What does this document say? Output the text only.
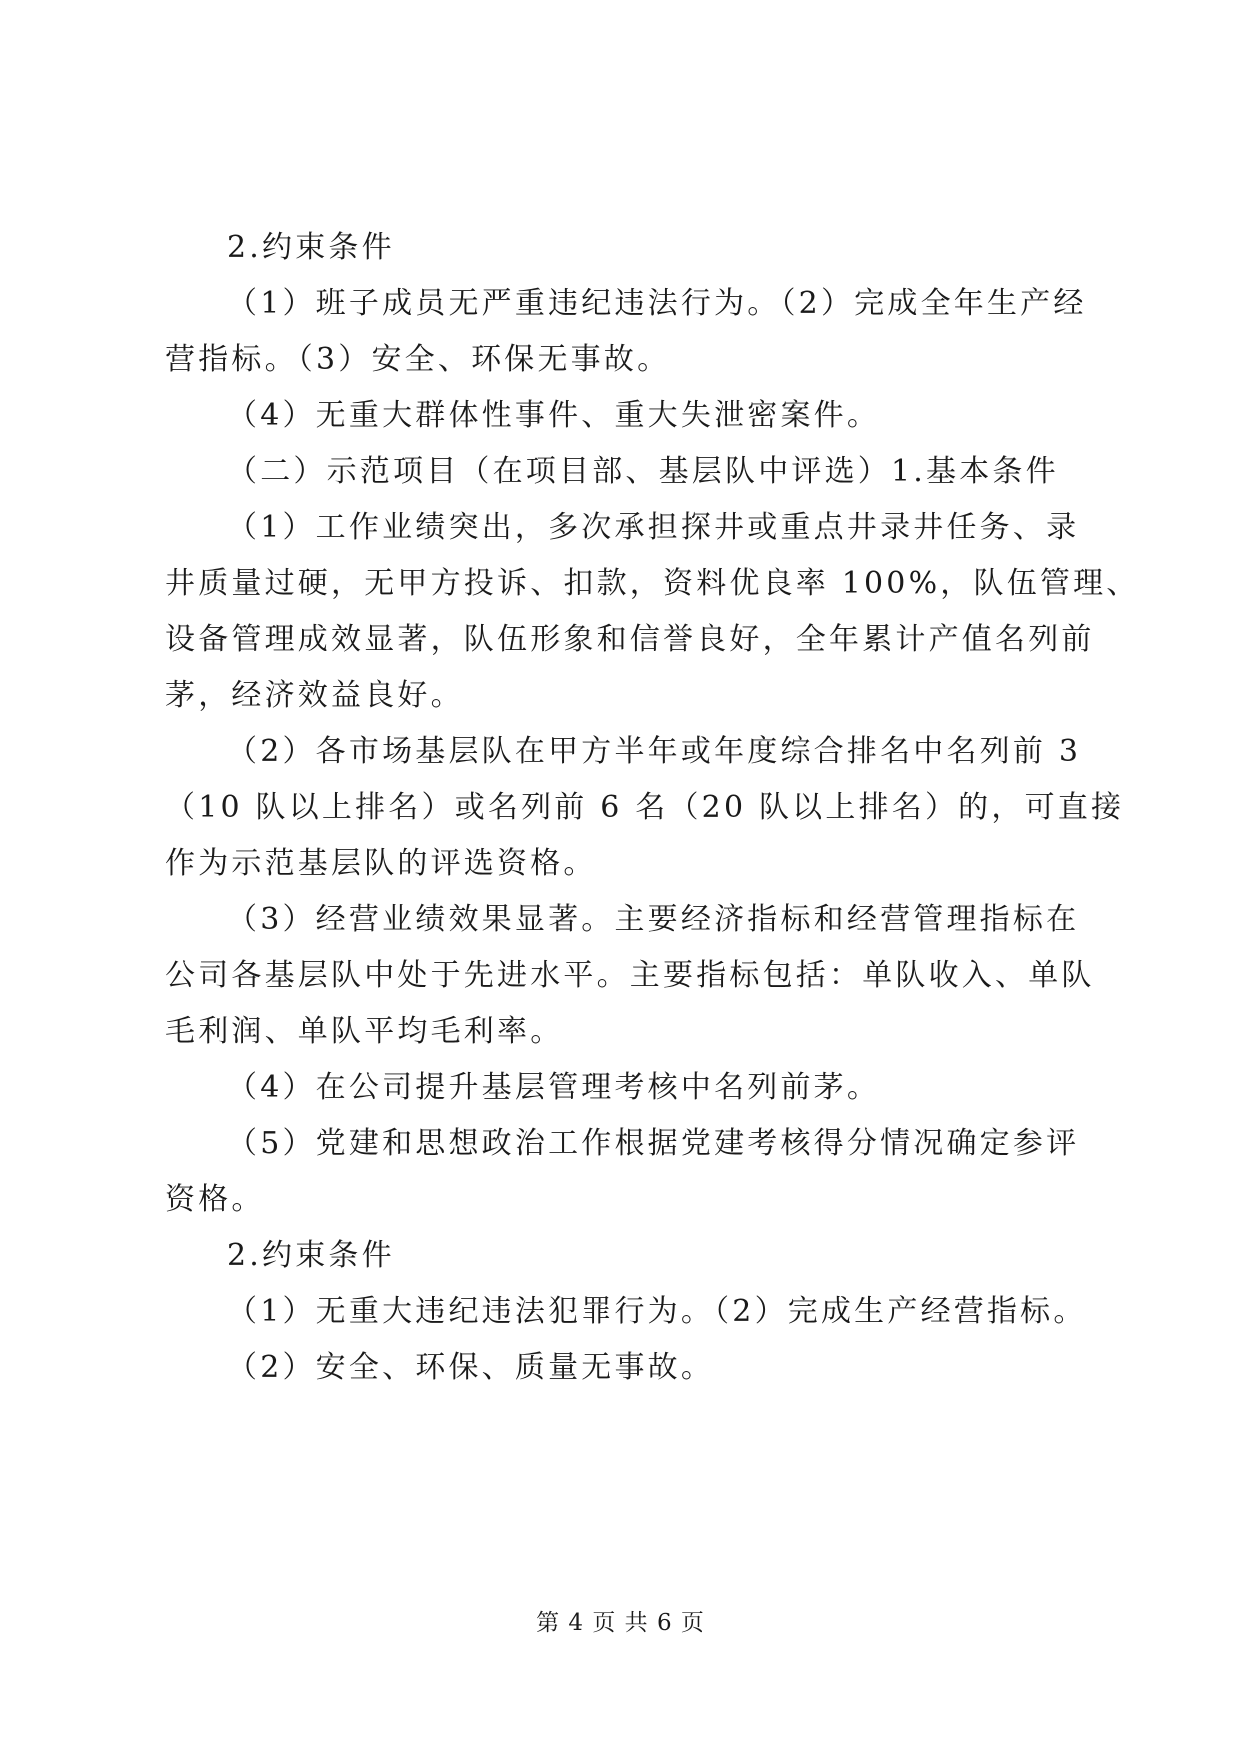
2.约束条件
（1）班子成员无严重违纪违法行为。（2）完成全年生产经
营指标。（3）安全、环保无事故。
（4）无重大群体性事件、重大失泄密案件。
（二）示范项目（在项目部、基层队中评选）1.基本条件
（1）工作业绩突出，多次承担探井或重点井录井任务、录
井质量过硬，无甲方投诉、扣款，资料优良率 100%，队伍管理、
设备管理成效显著，队伍形象和信誉良好，全年累计产值名列前
茅，经济效益良好。
（2）各市场基层队在甲方半年或年度综合排名中名列前 3
（10 队以上排名）或名列前 6 名（20 队以上排名）的，可直接
作为示范基层队的评选资格。
（3）经营业绩效果显著。主要经济指标和经营管理指标在
公司各基层队中处于先进水平。主要指标包括：单队收入、单队
毛利润、单队平均毛利率。
（4）在公司提升基层管理考核中名列前茅。
（5）党建和思想政治工作根据党建考核得分情况确定参评
资格。
2.约束条件
（1）无重大违纪违法犯罪行为。（2）完成生产经营指标。
（2）安全、环保、质量无事故。
第 4 页 共 6 页
